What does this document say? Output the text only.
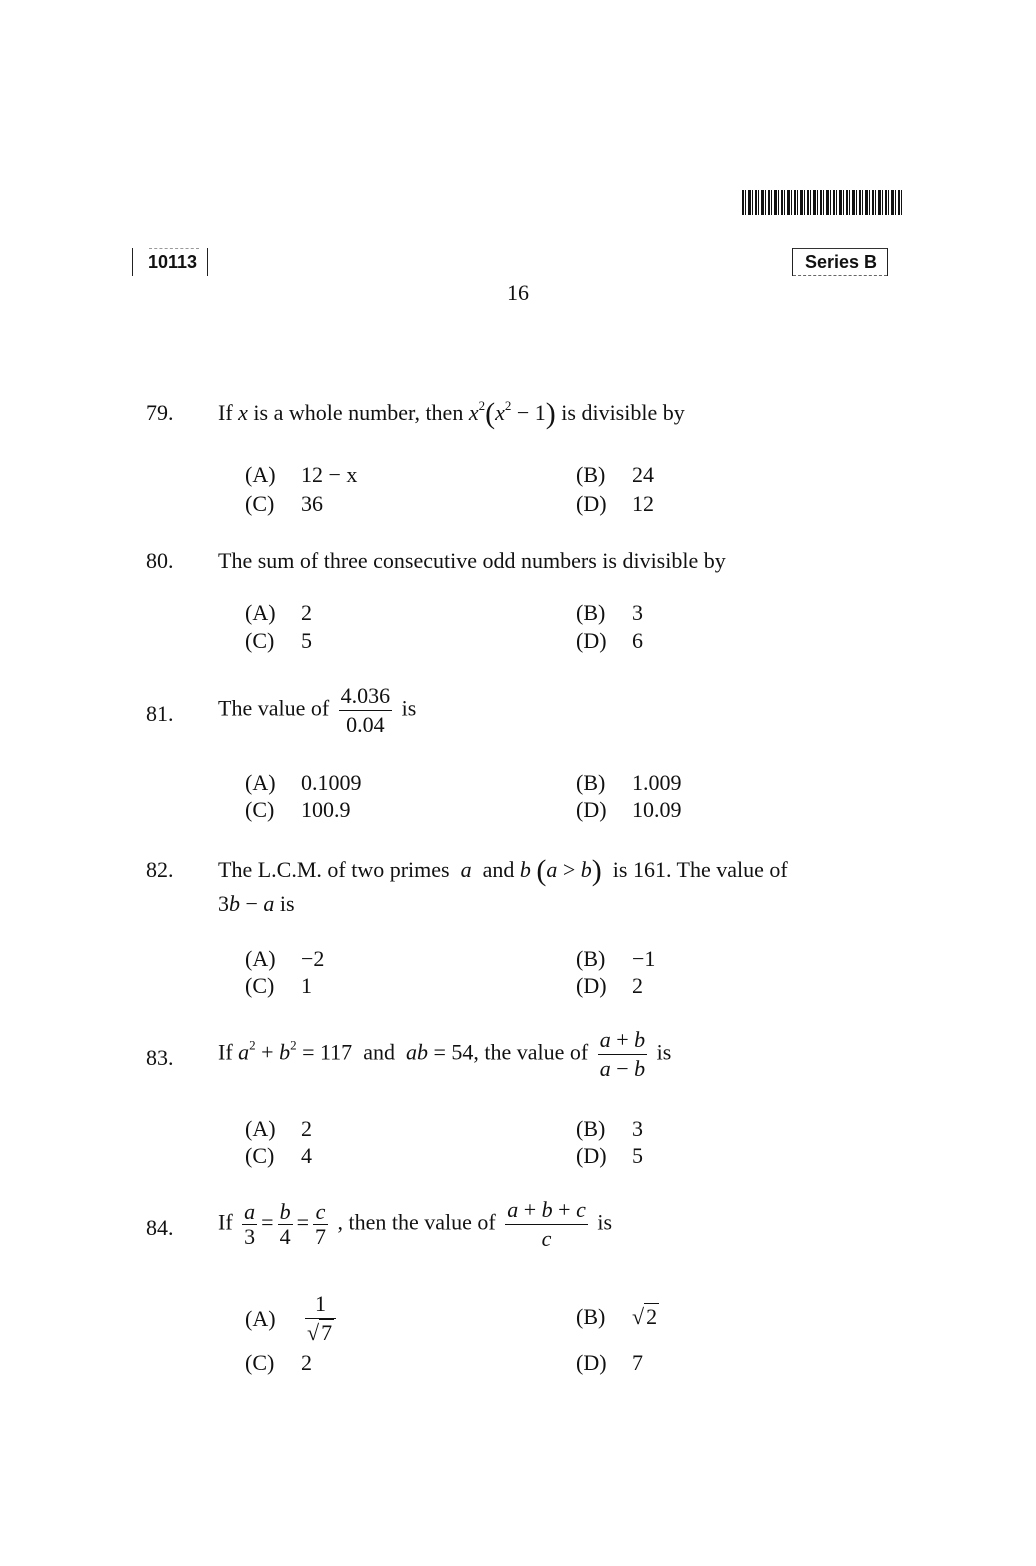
10113	Series B
16
79.	If x is a whole number, then $x^2(x^2 - 1)$ is divisible by
(A) 12 − x	(B) 24
(C) 36	(D) 12
80.	The sum of three consecutive odd numbers is divisible by
(A) 2	(B) 3
(C) 5	(D) 6
81.	The value of $\frac{4.036}{0.04}$ is
(A) 0.1009	(B) 1.009
(C) 100.9	(D) 10.09
82.	The L.C.M. of two primes a  and b (a > b) is 161. The value of
3b − a is
(A) −2	(B) −1
(C) 1	(D) 2
83.	If $a^2 + b^2 = 117$ and ab = 54, the value of $\frac{a + b}{a - b}$ is
(A) 2	(B) 3
(C) 4	(D) 5
84.	If $\frac{a}{3} = \frac{b}{4} = \frac{c}{7}$ , then the value of $\frac{a + b + c}{c}$ is
$(A) \frac{1}{√7}$	(B) √2
(C) 2	(D) 7
